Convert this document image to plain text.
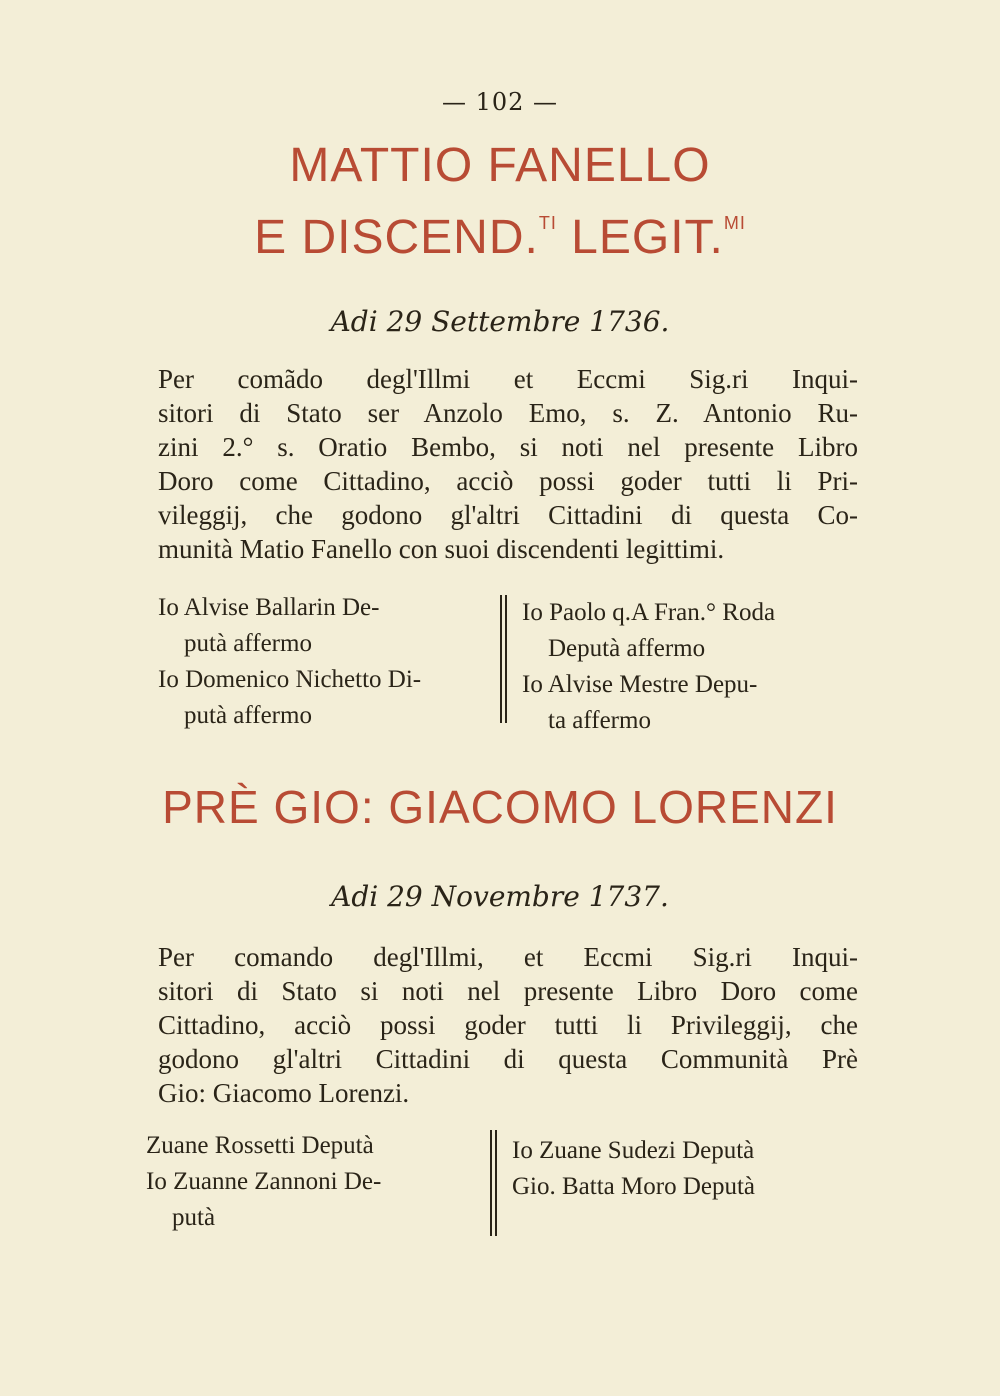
— 102 —
MATTIO FANELLO
E DISCEND.$^{TI}$ LEGIT.$^{MI}$
Adi 29 Settembre 1736.
Per comãdo degl'Illmi et Eccmi Sig.ri Inqui-
sitori di Stato ser Anzolo Emo, s. Z. Antonio Ru-
zini 2.° s. Oratio Bembo, si noti nel presente Libro
Doro come Cittadino, acciò possi goder tutti li Pri-
vileggij, che godono gl'altri Cittadini di questa Co-
munità Matio Fanello con suoi discendenti legittimi.
Io Alvise Ballarin De-
putà affermo
Io Domenico Nichetto Di-
putà affermo
Io Paolo q.A Fran.° Roda
Deputà affermo
Io Alvise Mestre Depu-
ta affermo
PRÈ GIO: GIACOMO LORENZI
Adi 29 Novembre 1737.
Per comando degl'Illmi, et Eccmi Sig.ri Inqui-
sitori di Stato si noti nel presente Libro Doro come
Cittadino, acciò possi goder tutti li Privileggij, che
godono gl'altri Cittadini di questa Communità Prè
Gio: Giacomo Lorenzi.
Zuane Rossetti Deputà
Io Zuanne Zannoni De-
putà
Io Zuane Sudezi Deputà
Gio. Batta Moro Deputà
